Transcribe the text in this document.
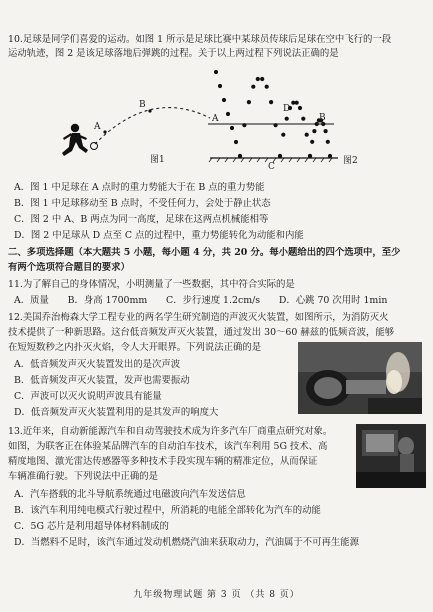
10.足球是同学们喜爱的运动。如图 1 所示是足球比赛中某球员传球后足球在空中飞行的一段
运动轨迹，图 2 是该足球落地后弹跳的过程。关于以上两过程下列说法正确的是
A
B
图1
A
D
B
C
图2
A．图 1 中足球在 A 点时的重力势能大于在 B 点的重力势能
B．图 1 中足球移动至 B 点时，不受任何力，会处于静止状态
C．图 2 中 A、B 两点为同一高度，足球在这两点机械能相等
D．图 2 中足球从 D 点至 C 点的过程中，重力势能转化为动能和内能
二、多项选择题（本大题共 5 小题，每小题 4 分，共 20 分。每小题给出的四个选项中，至少
有两个选项符合题目的要求）
11.为了解自己的身体情况，小明测量了一些数据，其中符合实际的是
A．质量　　B．身高 1700mm　　C．步行速度 1.2cm/s　　D．心跳 70 次用时 1min
12.美国乔治梅森大学工程专业的两名学生研究制造的声波灭火装置，如图所示，为消防灭火
技术提供了一种新思路。这台低音频发声灭火装置，通过发出 30～60 赫兹的低频音波，能够
在短短数秒之内扑灭火焰，令人大开眼界。下列说法正确的是
A．低音频发声灭火装置发出的是次声波
B．低音频发声灭火装置，发声也需要振动
C．声波可以灭火说明声波具有能量
D．低音频发声灭火装置利用的是其发声的响度大
13.近年来，自动新能源汽车和自动驾驶技术成为许多汽车厂商重点研究对象。
如图，为联客正在体验某品牌汽车的自动泊车技术，该汽车利用 5G 技术、高
精度地图、激光雷达传感器等多种技术手段实现车辆的精准定位，从而保证
车辆准确行驶。下列说法中正确的是
A．汽车搭载的北斗导航系统通过电磁波向汽车发送信息
B．该汽车利用纯电模式行驶过程中，所消耗的电能全部转化为汽车的动能
C．5G 芯片是利用超导体材料制成的
D．当燃料不足时，该汽车通过发动机燃烧汽油来获取动力，汽油属于不可再生能源
九年级物理试题 第 3 页 （共 8 页）
